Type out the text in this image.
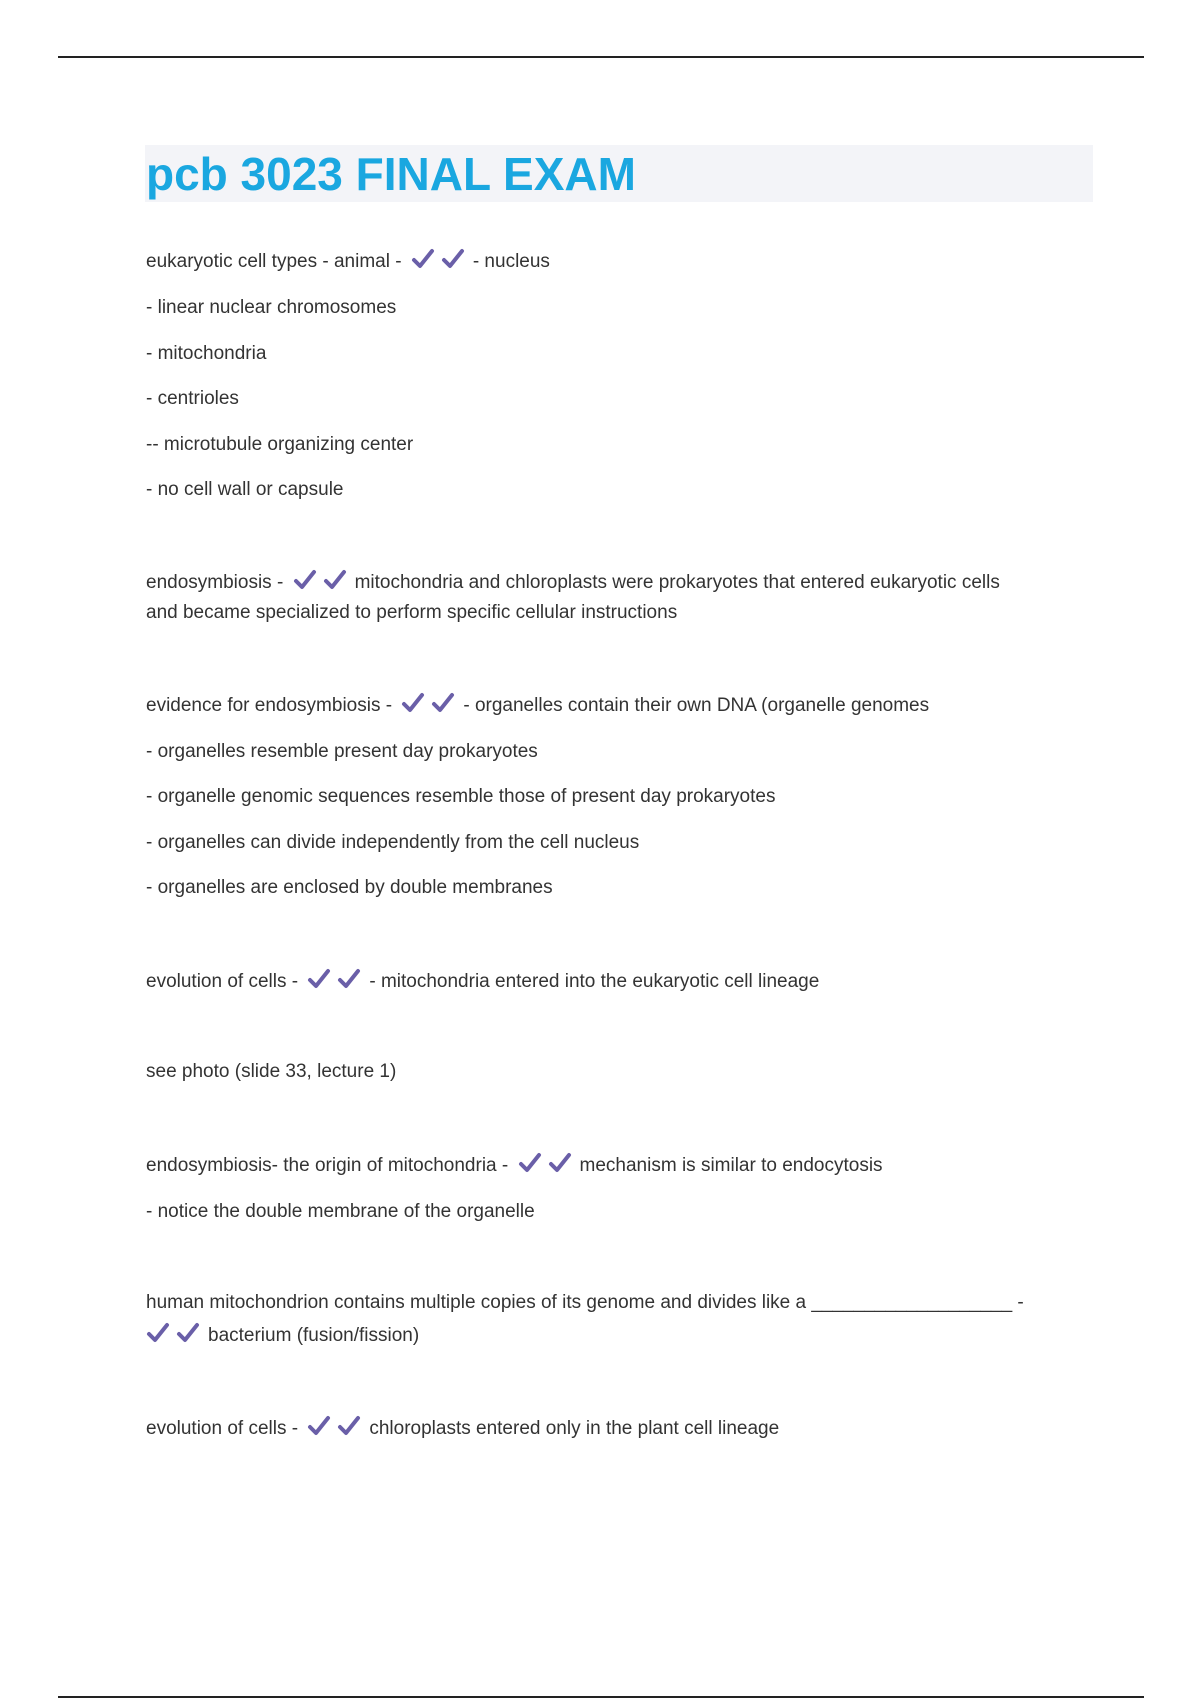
pcb 3023 FINAL EXAM

eukaryotic cell types - animal -	- nucleus

- linear nuclear chromosomes

- mitochondria

- centrioles

-- microtubule organizing center

- no cell wall or capsule

endosymbiosis -	mitochondria and chloroplasts were prokaryotes that entered eukaryotic cells

and became specialized to perform specific cellular instructions

evidence for endosymbiosis -	- organelles contain their own DNA (organelle genomes

- organelles resemble present day prokaryotes

- organelle genomic sequences resemble those of present day prokaryotes

- organelles can divide independently from the cell nucleus

- organelles are enclosed by double membranes

evolution of cells -	- mitochondria entered into the eukaryotic cell lineage

see photo (slide 33, lecture 1)

endosymbiosis- the origin of mitochondria -	mechanism is similar to endocytosis

- notice the double membrane of the organelle

human mitochondrion contains multiple copies of its genome and divides like a ___________________ -

bacterium (fusion/fission)

evolution of cells -	chloroplasts entered only in the plant cell lineage
